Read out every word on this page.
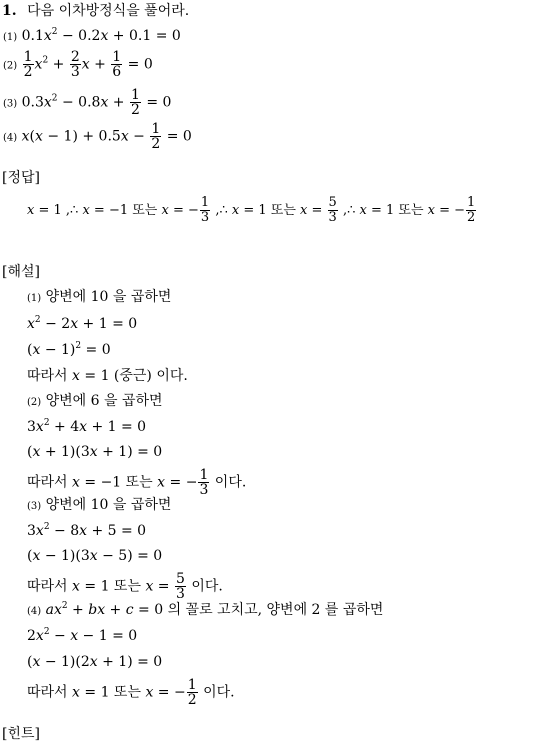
1. 다음 이차방정식을 풀어라.
(1) $0.1x^2 - 0.2x + 0.1 = 0$
$(2) \frac{1}{2} x^2 + \frac{2}{3}$ $x + \frac{1}{6} = 0$
(3) $0.3x^2 - 0.8x + \frac{1}{2} = 0$
(4) $x(x - 1) + 0.5x - \frac{1}{2} = 0$
[정답]
x = 1 ,∴ x = −1 또는 x = − $\frac{1}{3}$ ,∴ x = 1 또는 $x = \frac{5}{3}$ ,∴ x = 1 또는 x = − $\frac{1}{2}$
[해설]
(1) 양변에 10 을 곱하면
$x^2 - 2x + 1 = 0$
$(x - 1)^2 = 0$
따라서 x = 1 (중근) 이다.
(2) 양변에 6 을 곱하면
$3x^2 + 4x + 1 = 0$
(x + 1)(3x + 1) = 0
따라서 x = −1 또는 x = − $\frac{1}{3}$ 이다.
(3) 양변에 10 을 곱하면
$3x^2 - 8x + 5 = 0$
(x − 1)(3x − 5) = 0
따라서 x = 1 또는 $x = \frac{5}{3}$ 이다.
(4) $ax^2$ + bx + c = 0 의 꼴로 고치고, 양변에 2 를 곱하면
$2x^2 - x - 1 = 0$
(x − 1)(2x + 1) = 0
따라서 x = 1 또는 x = − $\frac{1}{2}$ 이다.
[힌트]
